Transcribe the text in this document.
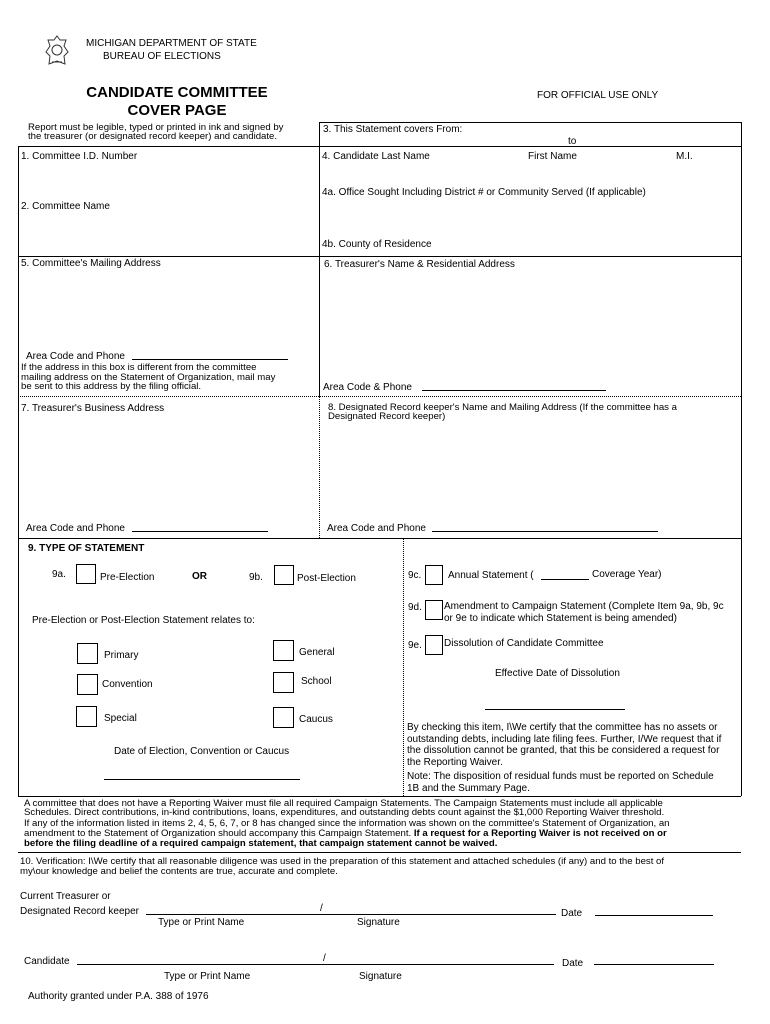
MICHIGAN DEPARTMENT OF STATE
BUREAU OF ELECTIONS
CANDIDATE COMMITTEE
COVER PAGE
FOR OFFICIAL USE ONLY
Report must be legible, typed or printed in ink and signed by
the treasurer (or designated record keeper) and candidate.
3. This Statement covers From:
to
1. Committee I.D. Number	4. Candidate Last Name	First Name	M.I.
4a. Office Sought Including District # or Community Served (If applicable)
2. Committee Name
4b. County of Residence
5. Committee's Mailing Address	6. Treasurer's Name & Residential Address
Area Code and Phone
If the address in this box is different from the committee
mailing address on the Statement of Organization, mail may
be sent to this address by the filing official.	Area Code & Phone
7. Treasurer's Business Address	8. Designated Record keeper's Name and Mailing Address (If the committee has a
Designated Record keeper)
Area Code and Phone	Area Code and Phone
9. TYPE OF STATEMENT
9a.	Pre-Election	OR	9b.	Post-Election
Pre-Election or Post-Election Statement relates to:
Primary	General
Convention	School
Special	Caucus
Date of Election, Convention or Caucus
9c.	Annual Statement (	Coverage Year)
9d. Amendment to Campaign Statement (Complete Item 9a, 9b, 9c
or 9e to indicate which Statement is being amended)
9e. Dissolution of Candidate Committee
Effective Date of Dissolution
By checking this item, I\We certify that the committee has no assets or
outstanding debts, including late filing fees. Further, I/We request that if
the dissolution cannot be granted, that this be considered a request for
the Reporting Waiver.
Note: The disposition of residual funds must be reported on Schedule
1B and the Summary Page.
A committee that does not have a Reporting Waiver must file all required Campaign Statements. The Campaign Statements must include all applicable
Schedules. Direct contributions, in-kind contributions, loans, expenditures, and outstanding debts count against the $1,000 Reporting Waiver threshold.
If any of the information listed in items 2, 4, 5, 6, 7, or 8 has changed since the information was shown on the committee's Statement of Organization, an
amendment to the Statement of Organization should accompany this Campaign Statement. If a request for a Reporting Waiver is not received on or
before the filing deadline of a required campaign statement, that campaign statement cannot be waived.
10. Verification: I\We certify that all reasonable diligence was used in the preparation of this statement and attached schedules (if any) and to the best of
my\our knowledge and belief the contents are true, accurate and complete.
Current Treasurer or
Designated Record keeper	/	Date
Type or Print Name	Signature
Candidate	/	Date
Type or Print Name	Signature
Authority granted under P.A. 388 of 1976
